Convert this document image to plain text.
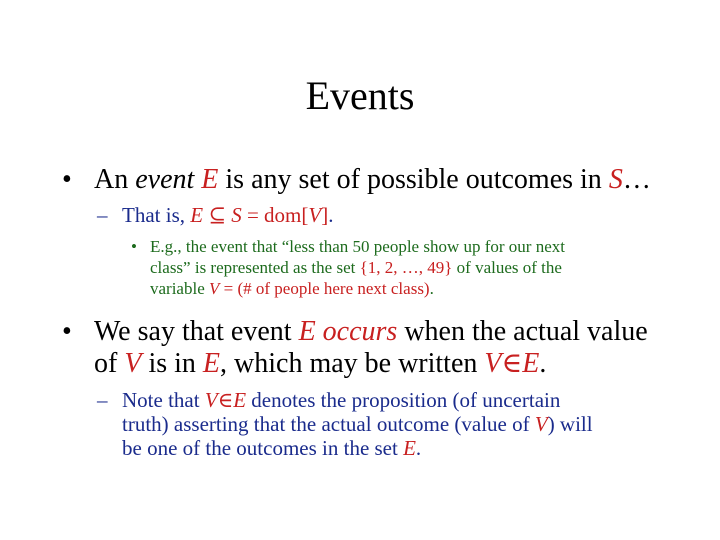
Events
• An event E is any set of possible outcomes in S…
– That is, E ⊆ S = dom[V].
• E.g., the event that “less than 50 people show up for our next
class” is represented as the set {1, 2, …, 49} of values of the
variable V = (# of people here next class).
• We say that event E occurs when the actual value
of V is in E, which may be written V∈E.
– Note that V∈E denotes the proposition (of uncertain
truth) asserting that the actual outcome (value of V) will
be one of the outcomes in the set E.
